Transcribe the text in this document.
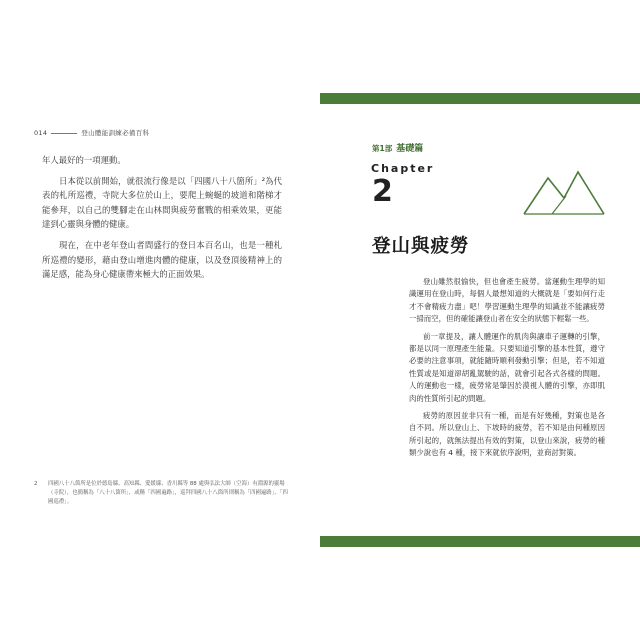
014	登山體能訓練必備百科

年人最好的一項運動。

日本從以前開始，就很流行像是以「四國八十八箇所」²為代表的札所巡禮，寺院大多位於山上，要爬上蜿蜒的坡道和階梯才能參拜，以自己的雙腳走在山林間與疲勞奮戰的相乘效果，更能達到心靈與身體的健康。

現在，在中老年登山者間盛行的登日本百名山，也是一種札所巡禮的變形，藉由登山增進肉體的健康，以及登頂後精神上的滿足感，能為身心健康帶來極大的正面效果。

2 四國八十八箇所是位於德島縣、高知縣、愛媛縣、香川縣等 88 處與弘法大師（空海）有淵源的靈場（寺院），也簡稱為「八十八箇所」，或稱「四國遍路」，巡拜四國八十八箇所則稱為「四國遍路」、「四國巡禮」。
第1部 基礎篇
Chapter
2
登山與疲勞

登山雖然很愉快，但也會產生疲勞。當運動生理學的知識運用在登山時，每個人最想知道的大概就是「要如何行走才不會精疲力盡」吧！學習運動生理學的知識並不能讓疲勞一掃而空，但的確能讓登山者在安全的狀態下輕鬆一些。

前一章提及，讓人體運作的肌肉與讓車子運轉的引擎，都是以同一原理產生能量。只要知道引擎的基本性質，遵守必要的注意事項，就能隨時順利發動引擎；但是，若不知道性質或是知道卻胡亂駕駛的話，就會引起各式各樣的問題。人的運動也一樣，疲勞常是肇因於漠視人體的引擎，亦即肌肉的性質所引起的問題。

疲勞的原因並非只有一種，而是有好幾種，對策也是各自不同。所以登山上、下坡時的疲勞，若不知是由何種原因所引起的，就無法提出有效的對策，以登山來說，疲勞的種類少說也有 4 種，接下來就依序說明，並商討對策。
